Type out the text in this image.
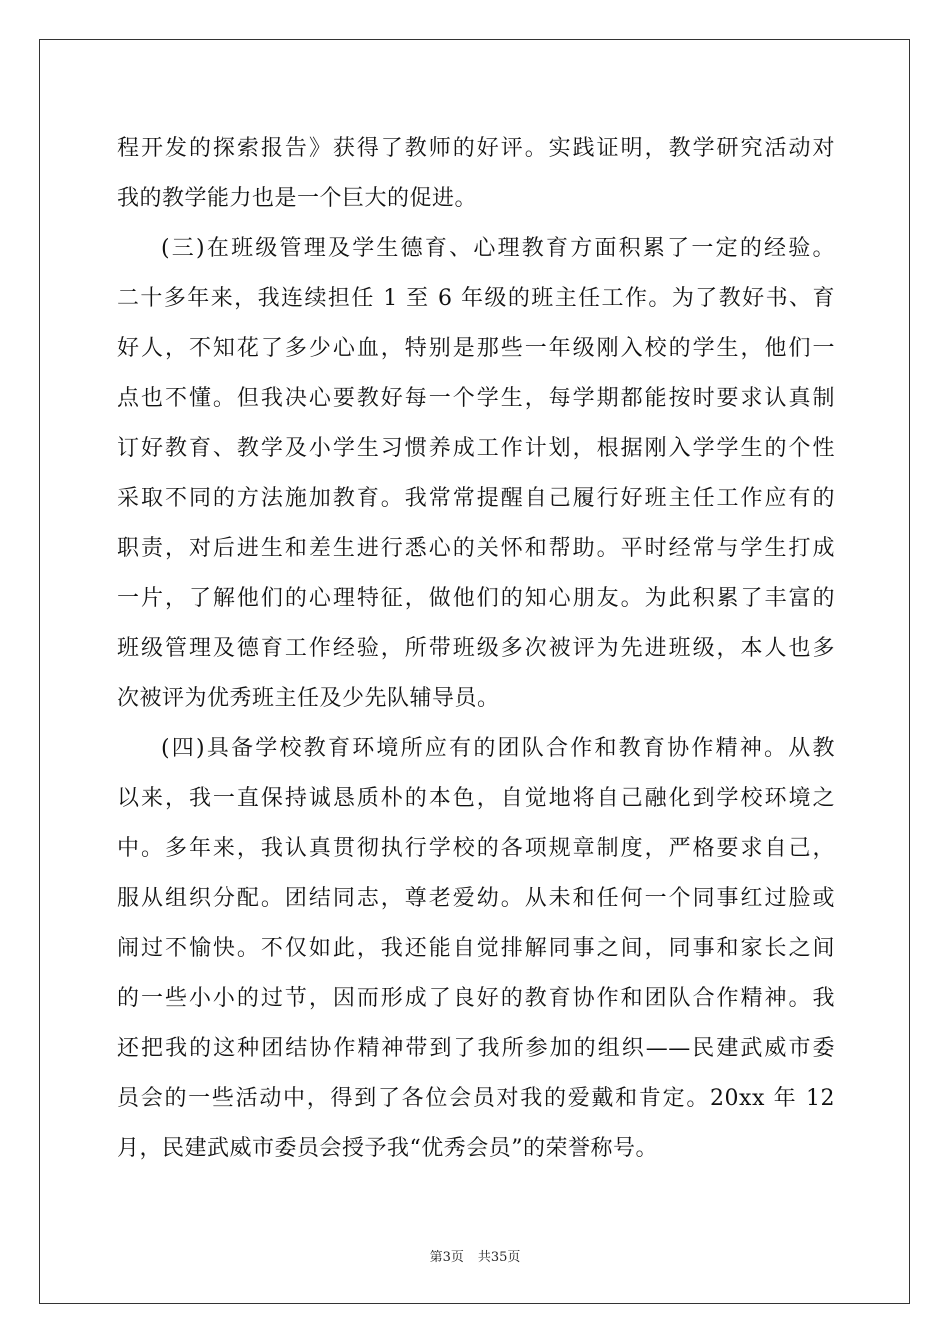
程开发的探索报告》获得了教师的好评。实践证明，教学研究活动对
我的教学能力也是一个巨大的促进。
(三)在班级管理及学生德育、心理教育方面积累了一定的经验。
二十多年来，我连续担任 1 至 6 年级的班主任工作。为了教好书、育
好人，不知花了多少心血，特别是那些一年级刚入校的学生，他们一
点也不懂。但我决心要教好每一个学生，每学期都能按时要求认真制
订好教育、教学及小学生习惯养成工作计划，根据刚入学学生的个性
采取不同的方法施加教育。我常常提醒自己履行好班主任工作应有的
职责，对后进生和差生进行悉心的关怀和帮助。平时经常与学生打成
一片，了解他们的心理特征，做他们的知心朋友。为此积累了丰富的
班级管理及德育工作经验，所带班级多次被评为先进班级，本人也多
次被评为优秀班主任及少先队辅导员。
(四)具备学校教育环境所应有的团队合作和教育协作精神。从教
以来，我一直保持诚恳质朴的本色，自觉地将自己融化到学校环境之
中。多年来，我认真贯彻执行学校的各项规章制度，严格要求自己，
服从组织分配。团结同志，尊老爱幼。从未和任何一个同事红过脸或
闹过不愉快。不仅如此，我还能自觉排解同事之间，同事和家长之间
的一些小小的过节，因而形成了良好的教育协作和团队合作精神。我
还把我的这种团结协作精神带到了我所参加的组织——民建武威市委
员会的一些活动中，得到了各位会员对我的爱戴和肯定。20xx 年 12
月，民建武威市委员会授予我“优秀会员”的荣誉称号。
第3页 共35页
